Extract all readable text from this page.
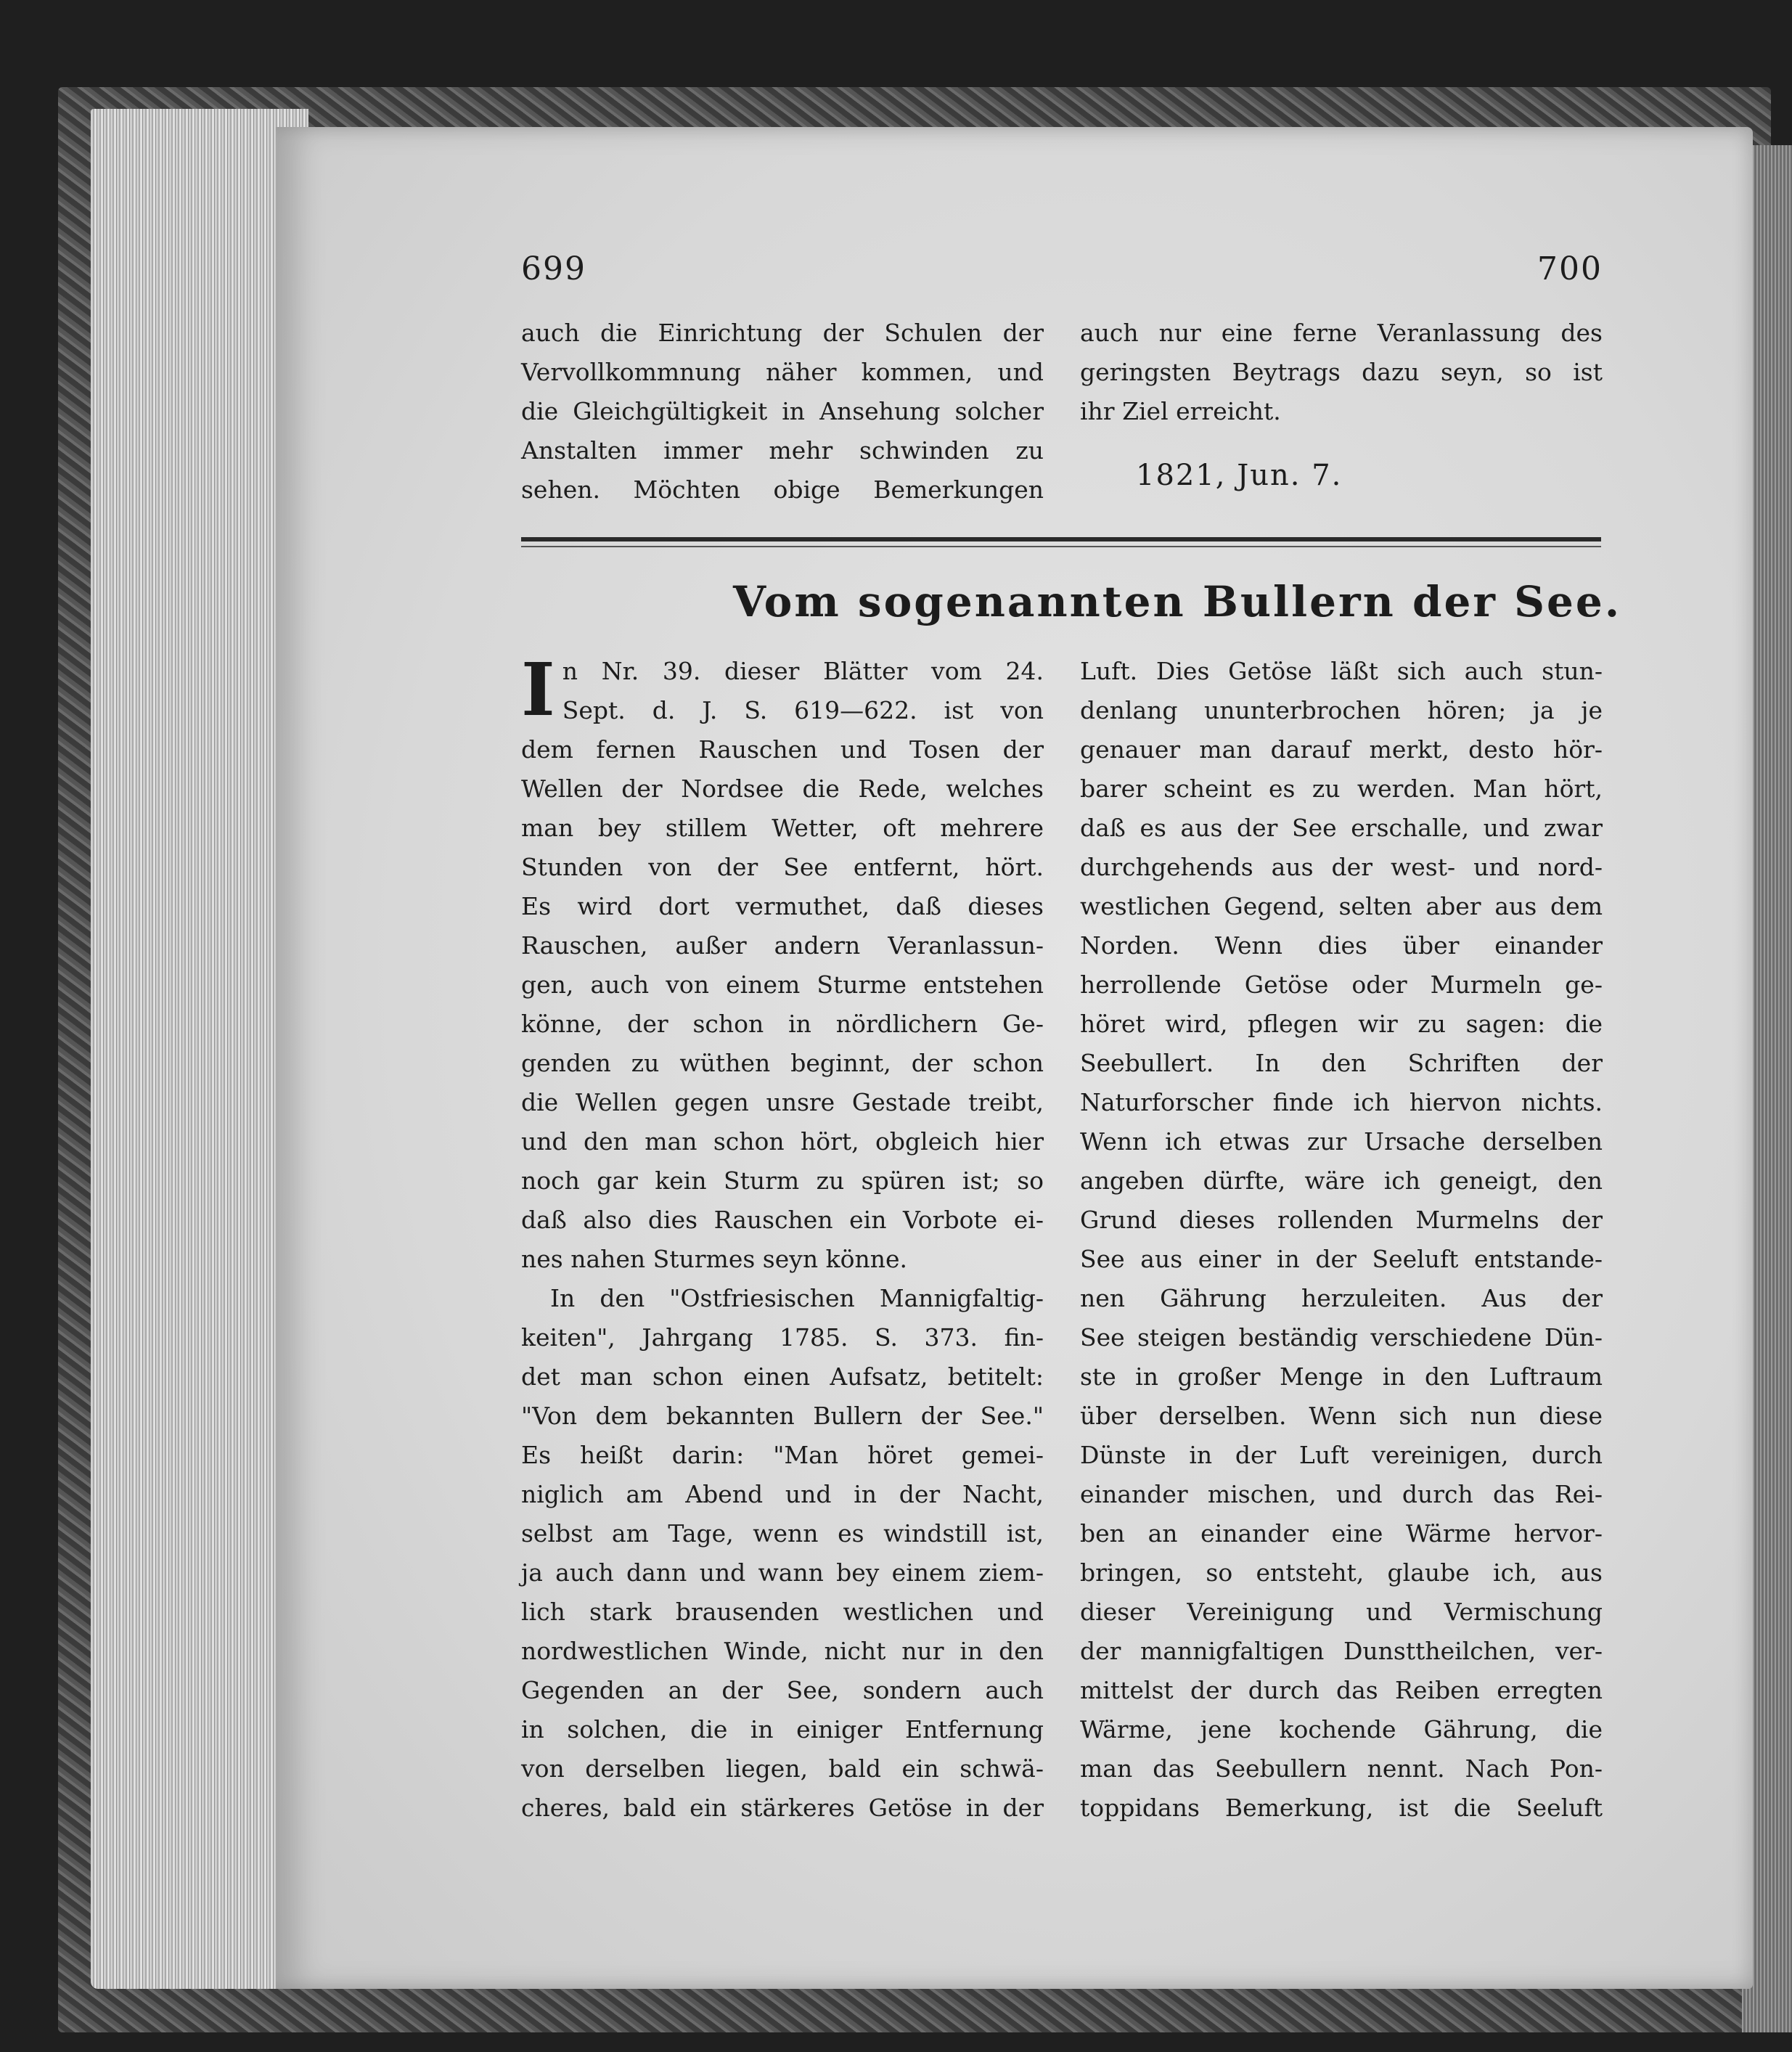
699	700
auch die Einrichtung der Schulen der
Vervollkommnung näher kommen, und
die Gleichgültigkeit in Ansehung solcher
Anstalten immer mehr schwinden zu
sehen. Möchten obige Bemerkungen
auch nur eine ferne Veranlassung des
geringsten Beytrags dazu seyn, so ist
ihr Ziel erreicht.
1821, Jun. 7.
Vom sogenannten Bullern der See.
I n Nr. 39. dieser Blätter vom 24.
Sept. d. J. S. 619—622. ist von
dem fernen Rauschen und Tosen der
Wellen der Nordsee die Rede, welches
man bey stillem Wetter, oft mehrere
Stunden von der See entfernt, hört.
Es wird dort vermuthet, daß dieses
Rauschen, außer andern Veranlassun-
gen, auch von einem Sturme entstehen
könne, der schon in nördlichern Ge-
genden zu wüthen beginnt, der schon
die Wellen gegen unsre Gestade treibt,
und den man schon hört, obgleich hier
noch gar kein Sturm zu spüren ist; so
daß also dies Rauschen ein Vorbote ei-
nes nahen Sturmes seyn könne.
In den "Ostfriesischen Mannigfaltig-
keiten", Jahrgang 1785. S. 373. fin-
det man schon einen Aufsatz, betitelt:
"Von dem bekannten Bullern der See."
Es heißt darin: "Man höret gemei-
niglich am Abend und in der Nacht,
selbst am Tage, wenn es windstill ist,
ja auch dann und wann bey einem ziem-
lich stark brausenden westlichen und
nordwestlichen Winde, nicht nur in den
Gegenden an der See, sondern auch
in solchen, die in einiger Entfernung
von derselben liegen, bald ein schwä-
cheres, bald ein stärkeres Getöse in der
Luft. Dies Getöse läßt sich auch stun-
denlang ununterbrochen hören; ja je
genauer man darauf merkt, desto hör-
barer scheint es zu werden. Man hört,
daß es aus der See erschalle, und zwar
durchgehends aus der west- und nord-
westlichen Gegend, selten aber aus dem
Norden. Wenn dies über einander
herrollende Getöse oder Murmeln ge-
höret wird, pflegen wir zu sagen: die
Seebullert. In den Schriften der
Naturforscher finde ich hiervon nichts.
Wenn ich etwas zur Ursache derselben
angeben dürfte, wäre ich geneigt, den
Grund dieses rollenden Murmelns der
See aus einer in der Seeluft entstande-
nen Gährung herzuleiten. Aus der
See steigen beständig verschiedene Dün-
ste in großer Menge in den Luftraum
über derselben. Wenn sich nun diese
Dünste in der Luft vereinigen, durch
einander mischen, und durch das Rei-
ben an einander eine Wärme hervor-
bringen, so entsteht, glaube ich, aus
dieser Vereinigung und Vermischung
der mannigfaltigen Dunsttheilchen, ver-
mittelst der durch das Reiben erregten
Wärme, jene kochende Gährung, die
man das Seebullern nennt. Nach Pon-
toppidans Bemerkung, ist die Seeluft
